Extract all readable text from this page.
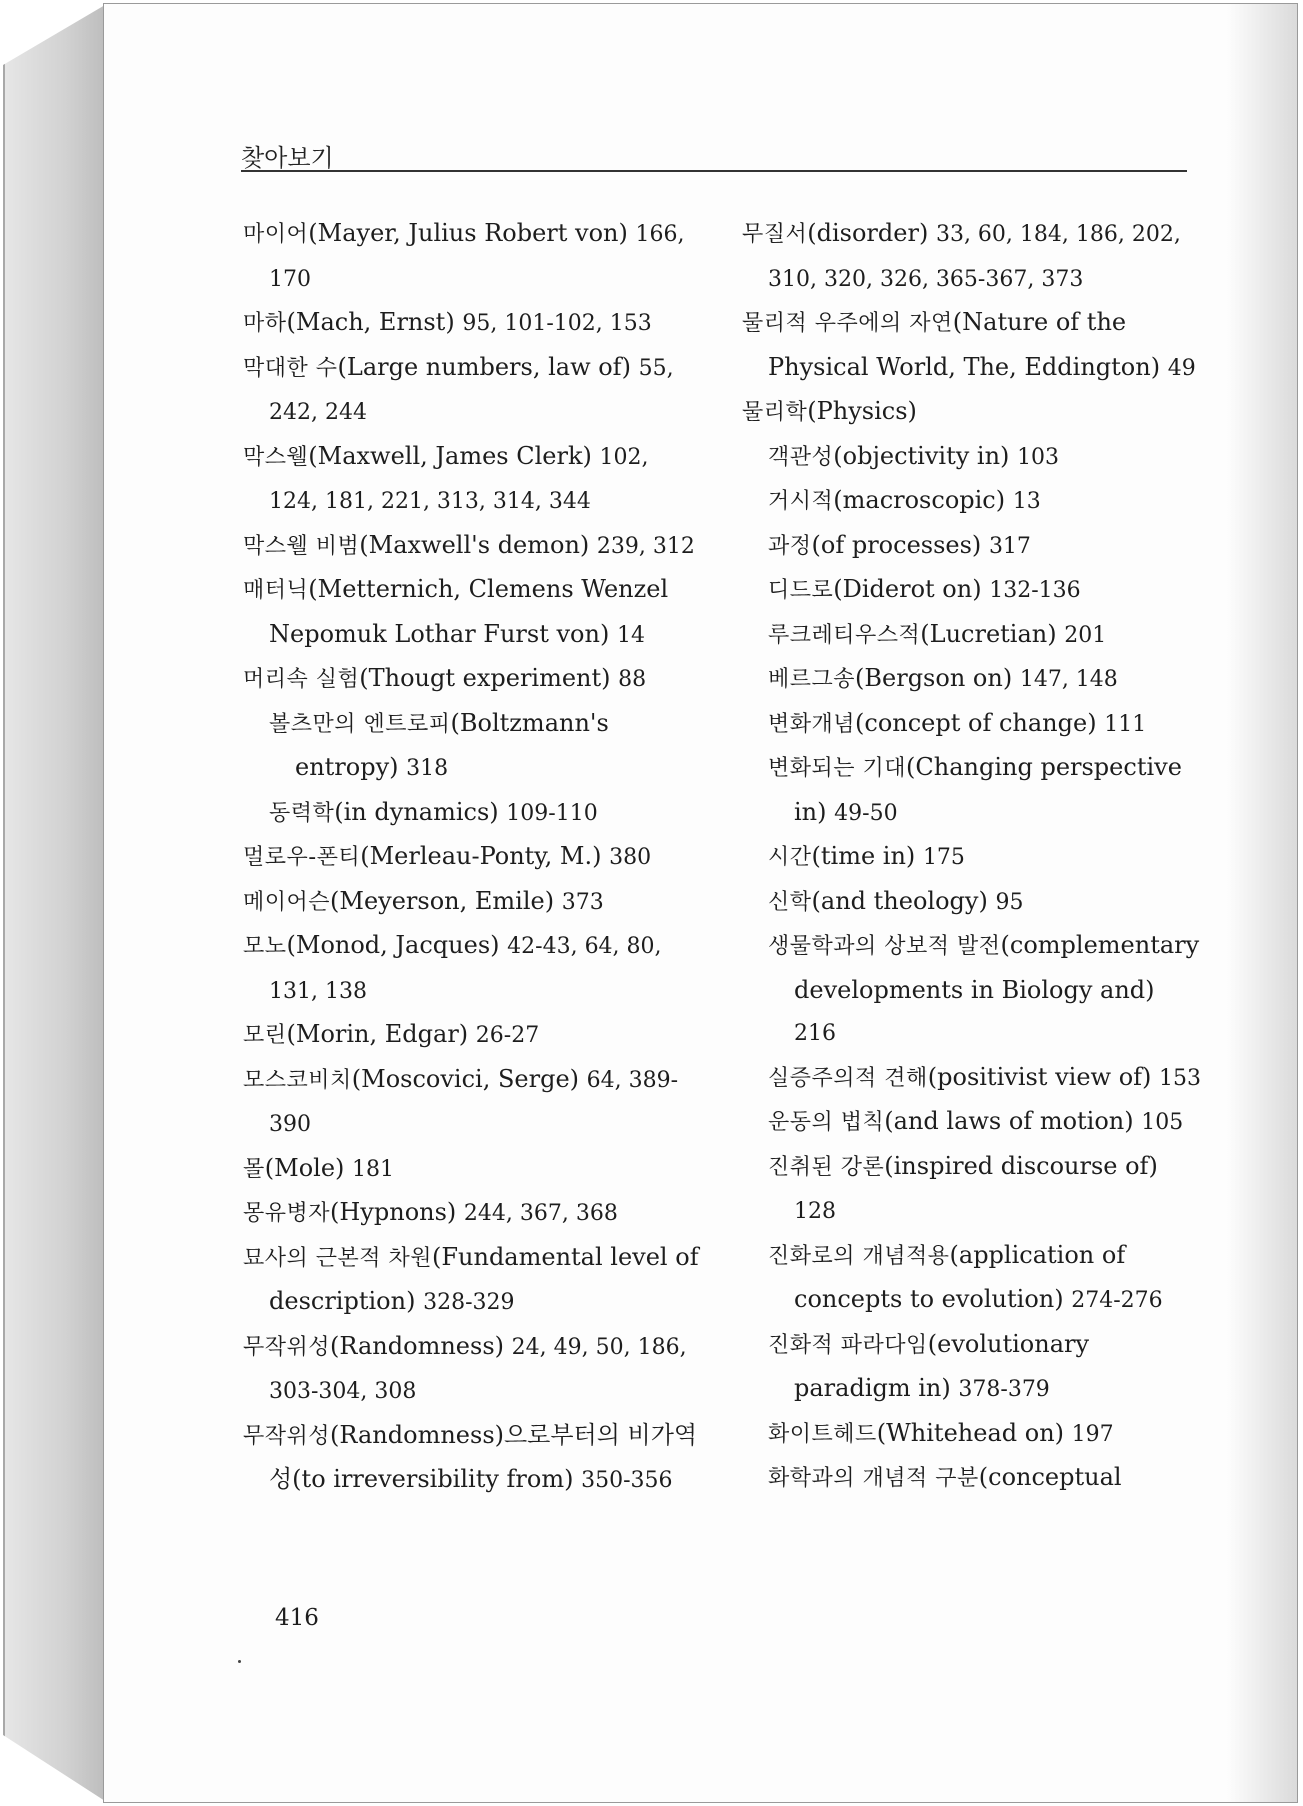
찾아보기
마이어(Mayer, Julius Robert von) 166, 170
마하(Mach, Ernst) 95, 101-102, 153
막대한 수(Large numbers, law of) 55, 242, 244
막스웰(Maxwell, James Clerk) 102, 124, 181, 221, 313, 314, 344
막스웰 비범(Maxwell's demon) 239, 312
매터닉(Metternich, Clemens Wenzel Nepomuk Lothar Furst von) 14
머리속 실험(Thougt experiment) 88
볼츠만의 엔트로피(Boltzmann's entropy) 318
동력학(in dynamics) 109-110
멀로우-폰티(Merleau-Ponty, M.) 380
메이어슨(Meyerson, Emile) 373
모노(Monod, Jacques) 42-43, 64, 80, 131, 138
모린(Morin, Edgar) 26-27
모스코비치(Moscovici, Serge) 64, 389-390
몰(Mole) 181
몽유병자(Hypnons) 244, 367, 368
묘사의 근본적 차원(Fundamental level of description) 328-329
무작위성(Randomness) 24, 49, 50, 186, 303-304, 308
무작위성(Randomness)으로부터의 비가역성(to irreversibility from) 350-356
무질서(disorder) 33, 60, 184, 186, 202, 310, 320, 326, 365-367, 373
물리적 우주에의 자연(Nature of the Physical World, The, Eddington) 49
물리학(Physics)
객관성(objectivity in) 103
거시적(macroscopic) 13
과정(of processes) 317
디드로(Diderot on) 132-136
루크레티우스적(Lucretian) 201
베르그송(Bergson on) 147, 148
변화개념(concept of change) 111
변화되는 기대(Changing perspective in) 49-50
시간(time in) 175
신학(and theology) 95
생물학과의 상보적 발전(complementary developments in Biology and) 216
실증주의적 견해(positivist view of) 153
운동의 법칙(and laws of motion) 105
진취된 강론(inspired discourse of) 128
진화로의 개념적용(application of concepts to evolution) 274-276
진화적 파라다임(evolutionary paradigm in) 378-379
화이트헤드(Whitehead on) 197
화학과의 개념적 구분(conceptual
416
